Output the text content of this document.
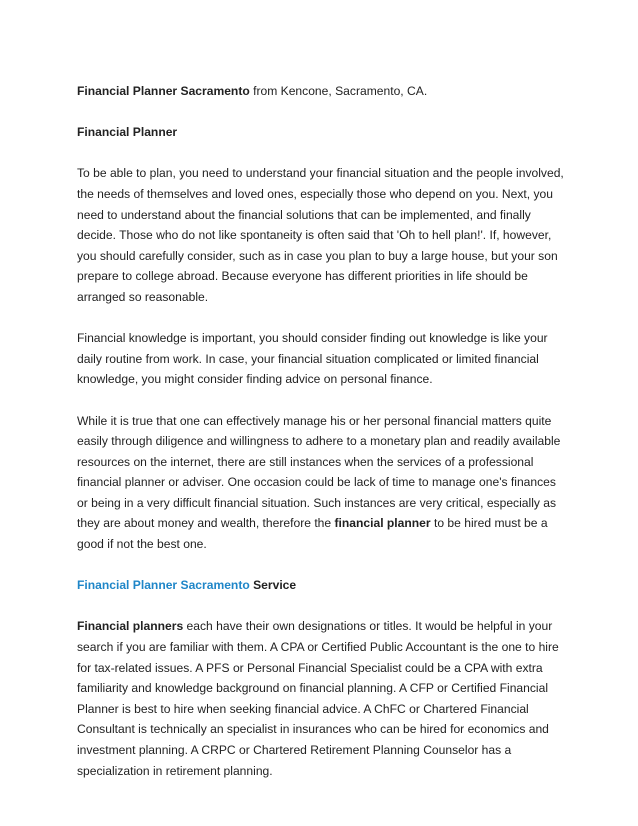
Financial Planner Sacramento from Kencone, Sacramento, CA.

Financial Planner

To be able to plan, you need to understand your financial situation and the people involved, the needs of themselves and loved ones, especially those who depend on you. Next, you need to understand about the financial solutions that can be implemented, and finally decide. Those who do not like spontaneity is often said that 'Oh to hell plan!'. If, however, you should carefully consider, such as in case you plan to buy a large house, but your son prepare to college abroad. Because everyone has different priorities in life should be arranged so reasonable.

Financial knowledge is important, you should consider finding out knowledge is like your daily routine from work. In case, your financial situation complicated or limited financial knowledge, you might consider finding advice on personal finance.

While it is true that one can effectively manage his or her personal financial matters quite easily through diligence and willingness to adhere to a monetary plan and readily available resources on the internet, there are still instances when the services of a professional financial planner or adviser. One occasion could be lack of time to manage one's finances or being in a very difficult financial situation. Such instances are very critical, especially as they are about money and wealth, therefore the financial planner to be hired must be a good if not the best one.

Financial Planner Sacramento Service

Financial planners each have their own designations or titles. It would be helpful in your search if you are familiar with them. A CPA or Certified Public Accountant is the one to hire for tax-related issues. A PFS or Personal Financial Specialist could be a CPA with extra familiarity and knowledge background on financial planning. A CFP or Certified Financial Planner is best to hire when seeking financial advice. A ChFC or Chartered Financial Consultant is technically an specialist in insurances who can be hired for economics and investment planning. A CRPC or Chartered Retirement Planning Counselor has a specialization in retirement planning.
